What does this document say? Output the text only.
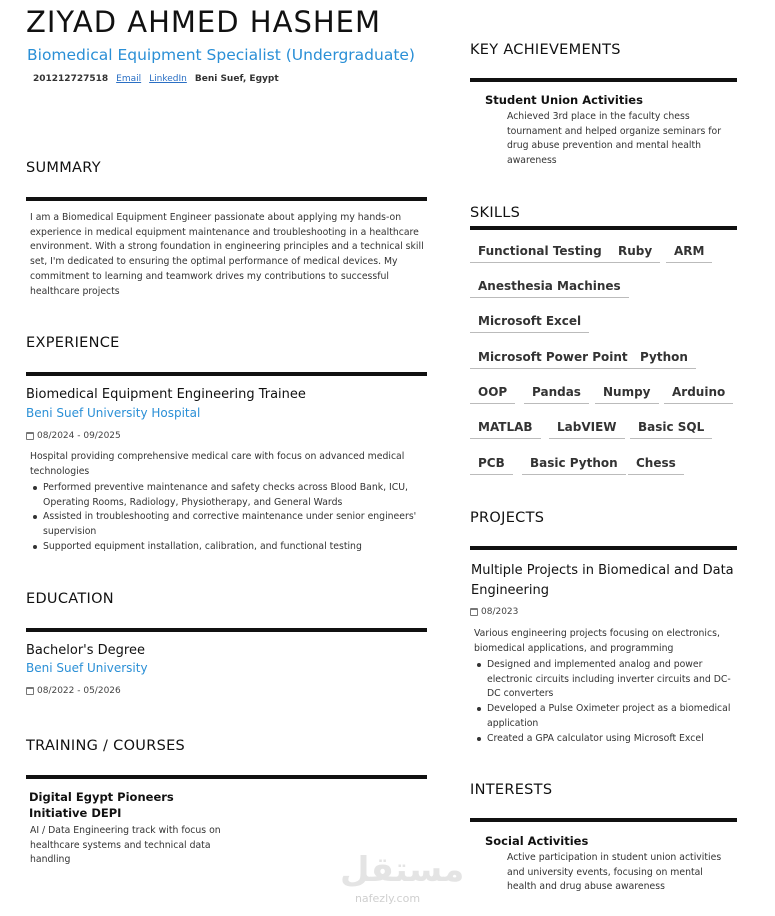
ZIYAD AHMED HASHEM
Biomedical Equipment Specialist (Undergraduate)
201212727518 Email LinkedIn Beni Suef, Egypt
SUMMARY

I am a Biomedical Equipment Engineer passionate about applying my hands-on experience in medical equipment maintenance and troubleshooting in a healthcare environment. With a strong foundation in engineering principles and a technical skill set, I'm dedicated to ensuring the optimal performance of medical devices. My commitment to learning and teamwork drives my contributions to successful healthcare projects

EXPERIENCE
Biomedical Equipment Engineering Trainee
Beni Suef University Hospital
08/2024 - 09/2025

Hospital providing comprehensive medical care with focus on advanced medical technologies

Performed preventive maintenance and safety checks across Blood Bank, ICU, Operating Rooms, Radiology, Physiotherapy, and General Wards
Assisted in troubleshooting and corrective maintenance under senior engineers' supervision
Supported equipment installation, calibration, and functional testing
EDUCATION
Bachelor's Degree
Beni Suef University
08/2022 - 05/2026
TRAINING / COURSES
Digital Egypt Pioneers Initiative DEPI

AI / Data Engineering track with focus on healthcare systems and technical data handling

KEY ACHIEVEMENTS
Student Union Activities

Achieved 3rd place in the faculty chess tournament and helped organize seminars for drug abuse prevention and mental health awareness

SKILLS
Functional Testing	Ruby	ARM
Anesthesia Machines
Microsoft Excel
Microsoft Power Point	Python
OOP	Pandas	Numpy	Arduino
MATLAB	LabVIEW	Basic SQL
PCB	Basic Python	Chess
PROJECTS
Multiple Projects in Biomedical and Data Engineering
08/2023

Various engineering projects focusing on electronics, biomedical applications, and programming

Designed and implemented analog and power electronic circuits including inverter circuits and DC-DC converters
Developed a Pulse Oximeter project as a biomedical application
Created a GPA calculator using Microsoft Excel
INTERESTS
Social Activities

Active participation in student union activities and university events, focusing on mental health and drug abuse awareness

مستقل
nafezly.com
